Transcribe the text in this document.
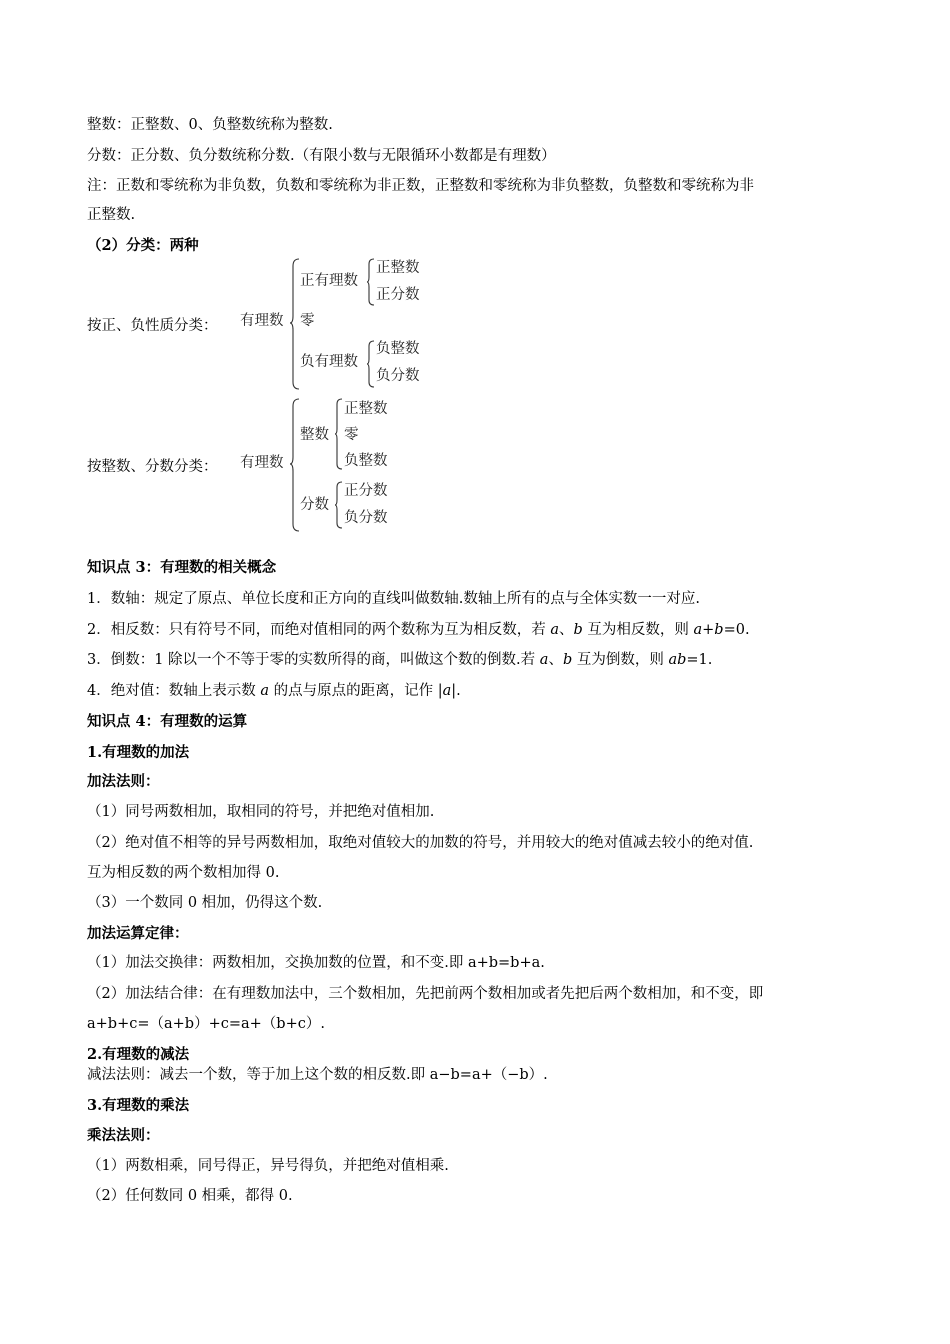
整数：正整数、0、负整数统称为整数.
分数：正分数、负分数统称分数.（有限小数与无限循环小数都是有理数）
注：正数和零统称为非负数，负数和零统称为非正数，正整数和零统称为非负整数，负整数和零统称为非
正整数.
（2）分类：两种
按正、负性质分类：	有理数
正有理数
正整数
正分数
零
负有理数
负整数
负分数
按整数、分数分类：	有理数
整数
正整数
零
负整数
分数
正分数
负分数
知识点 3：有理数的相关概念
1．数轴：规定了原点、单位长度和正方向的直线叫做数轴.数轴上所有的点与全体实数一一对应.
2．相反数：只有符号不同，而绝对值相同的两个数称为互为相反数，若 a、b 互为相反数，则 a+b=0.
3．倒数：1 除以一个不等于零的实数所得的商，叫做这个数的倒数.若 a、b 互为倒数，则 ab=1.
4．绝对值：数轴上表示数 a 的点与原点的距离，记作 |a|.
知识点 4：有理数的运算
1.有理数的加法
加法法则：
（1）同号两数相加，取相同的符号，并把绝对值相加.
（2）绝对值不相等的异号两数相加，取绝对值较大的加数的符号，并用较大的绝对值减去较小的绝对值.
互为相反数的两个数相加得 0.
（3）一个数同 0 相加，仍得这个数.
加法运算定律：
（1）加法交换律：两数相加，交换加数的位置，和不变.即 a+b=b+a.
（2）加法结合律：在有理数加法中，三个数相加，先把前两个数相加或者先把后两个数相加，和不变，即
a+b+c=（a+b）+c=a+（b+c）.
2.有理数的减法
减法法则：减去一个数，等于加上这个数的相反数.即 a−b=a+（−b）.
3.有理数的乘法
乘法法则：
（1）两数相乘，同号得正，异号得负，并把绝对值相乘.
（2）任何数同 0 相乘，都得 0.
